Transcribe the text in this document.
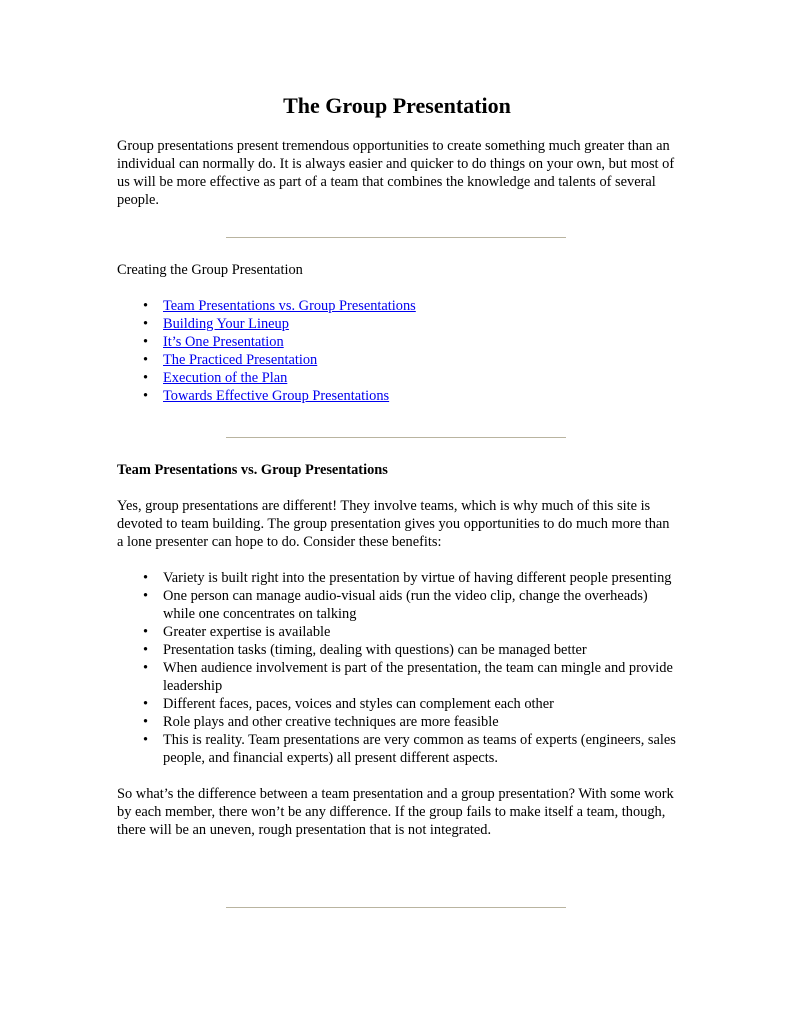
The Group Presentation

Group presentations present tremendous opportunities to create something much greater than an individual can normally do. It is always easier and quicker to do things on your own, but most of us will be more effective as part of a team that combines the knowledge and talents of several people.

Creating the Group Presentation

• Team Presentations vs. Group Presentations
• Building Your Lineup
• It’s One Presentation
• The Practiced Presentation
• Execution of the Plan
• Towards Effective Group Presentations

Team Presentations vs. Group Presentations

Yes, group presentations are different! They involve teams, which is why much of this site is devoted to team building. The group presentation gives you opportunities to do much more than a lone presenter can hope to do. Consider these benefits:

• Variety is built right into the presentation by virtue of having different people presenting
• One person can manage audio-visual aids (run the video clip, change the overheads) while one concentrates on talking
• Greater expertise is available
• Presentation tasks (timing, dealing with questions) can be managed better
• When audience involvement is part of the presentation, the team can mingle and provide leadership
• Different faces, paces, voices and styles can complement each other
• Role plays and other creative techniques are more feasible
• This is reality. Team presentations are very common as teams of experts (engineers, sales people, and financial experts) all present different aspects.

So what’s the difference between a team presentation and a group presentation? With some work by each member, there won’t be any difference. If the group fails to make itself a team, though, there will be an uneven, rough presentation that is not integrated.
